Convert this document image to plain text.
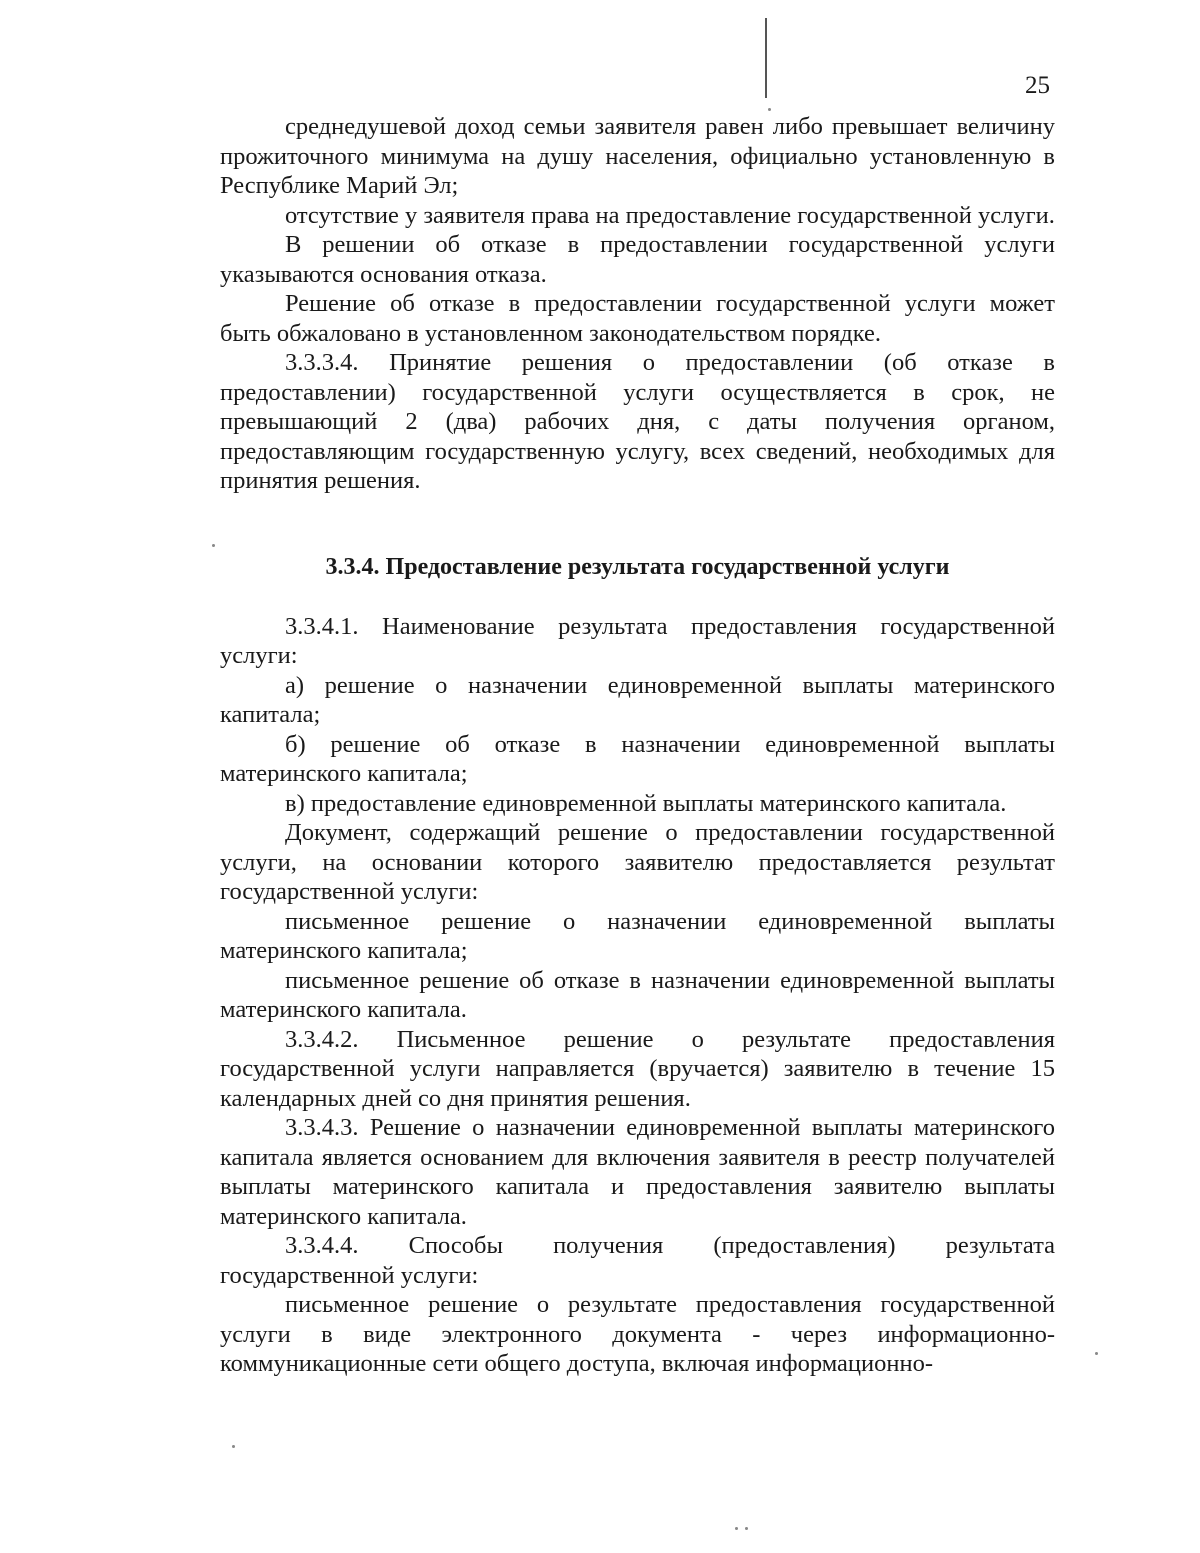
25

среднедушевой доход семьи заявителя равен либо превышает величину прожиточного минимума на душу населения, официально установленную в Республике Марий Эл;

отсутствие у заявителя права на предоставление государственной услуги.

В решении об отказе в предоставлении государственной услуги указываются основания отказа.

Решение об отказе в предоставлении государственной услуги может быть обжаловано в установленном законодательством порядке.

3.3.3.4. Принятие решения о предоставлении (об отказе в предоставлении) государственной услуги осуществляется в срок, не превышающий 2 (два) рабочих дня, с даты получения органом, предоставляющим государственную услугу, всех сведений, необходимых для принятия решения.

3.3.4. Предоставление результата государственной услуги

3.3.4.1. Наименование результата предоставления государственной услуги:

а) решение о назначении единовременной выплаты материнского капитала;

б) решение об отказе в назначении единовременной выплаты материнского капитала;

в) предоставление единовременной выплаты материнского капитала.

Документ, содержащий решение о предоставлении государственной услуги, на основании которого заявителю предоставляется результат государственной услуги:

письменное решение о назначении единовременной выплаты материнского капитала;

письменное решение об отказе в назначении единовременной выплаты материнского капитала.

3.3.4.2. Письменное решение о результате предоставления государственной услуги направляется (вручается) заявителю в течение 15 календарных дней со дня принятия решения.

3.3.4.3. Решение о назначении единовременной выплаты материнского капитала является основанием для включения заявителя в реестр получателей выплаты материнского капитала и предоставления заявителю выплаты материнского капитала.

3.3.4.4. Способы получения (предоставления) результата государственной услуги:

письменное решение о результате предоставления государственной услуги в виде электронного документа - через информационно-коммуникационные сети общего доступа, включая информационно-
